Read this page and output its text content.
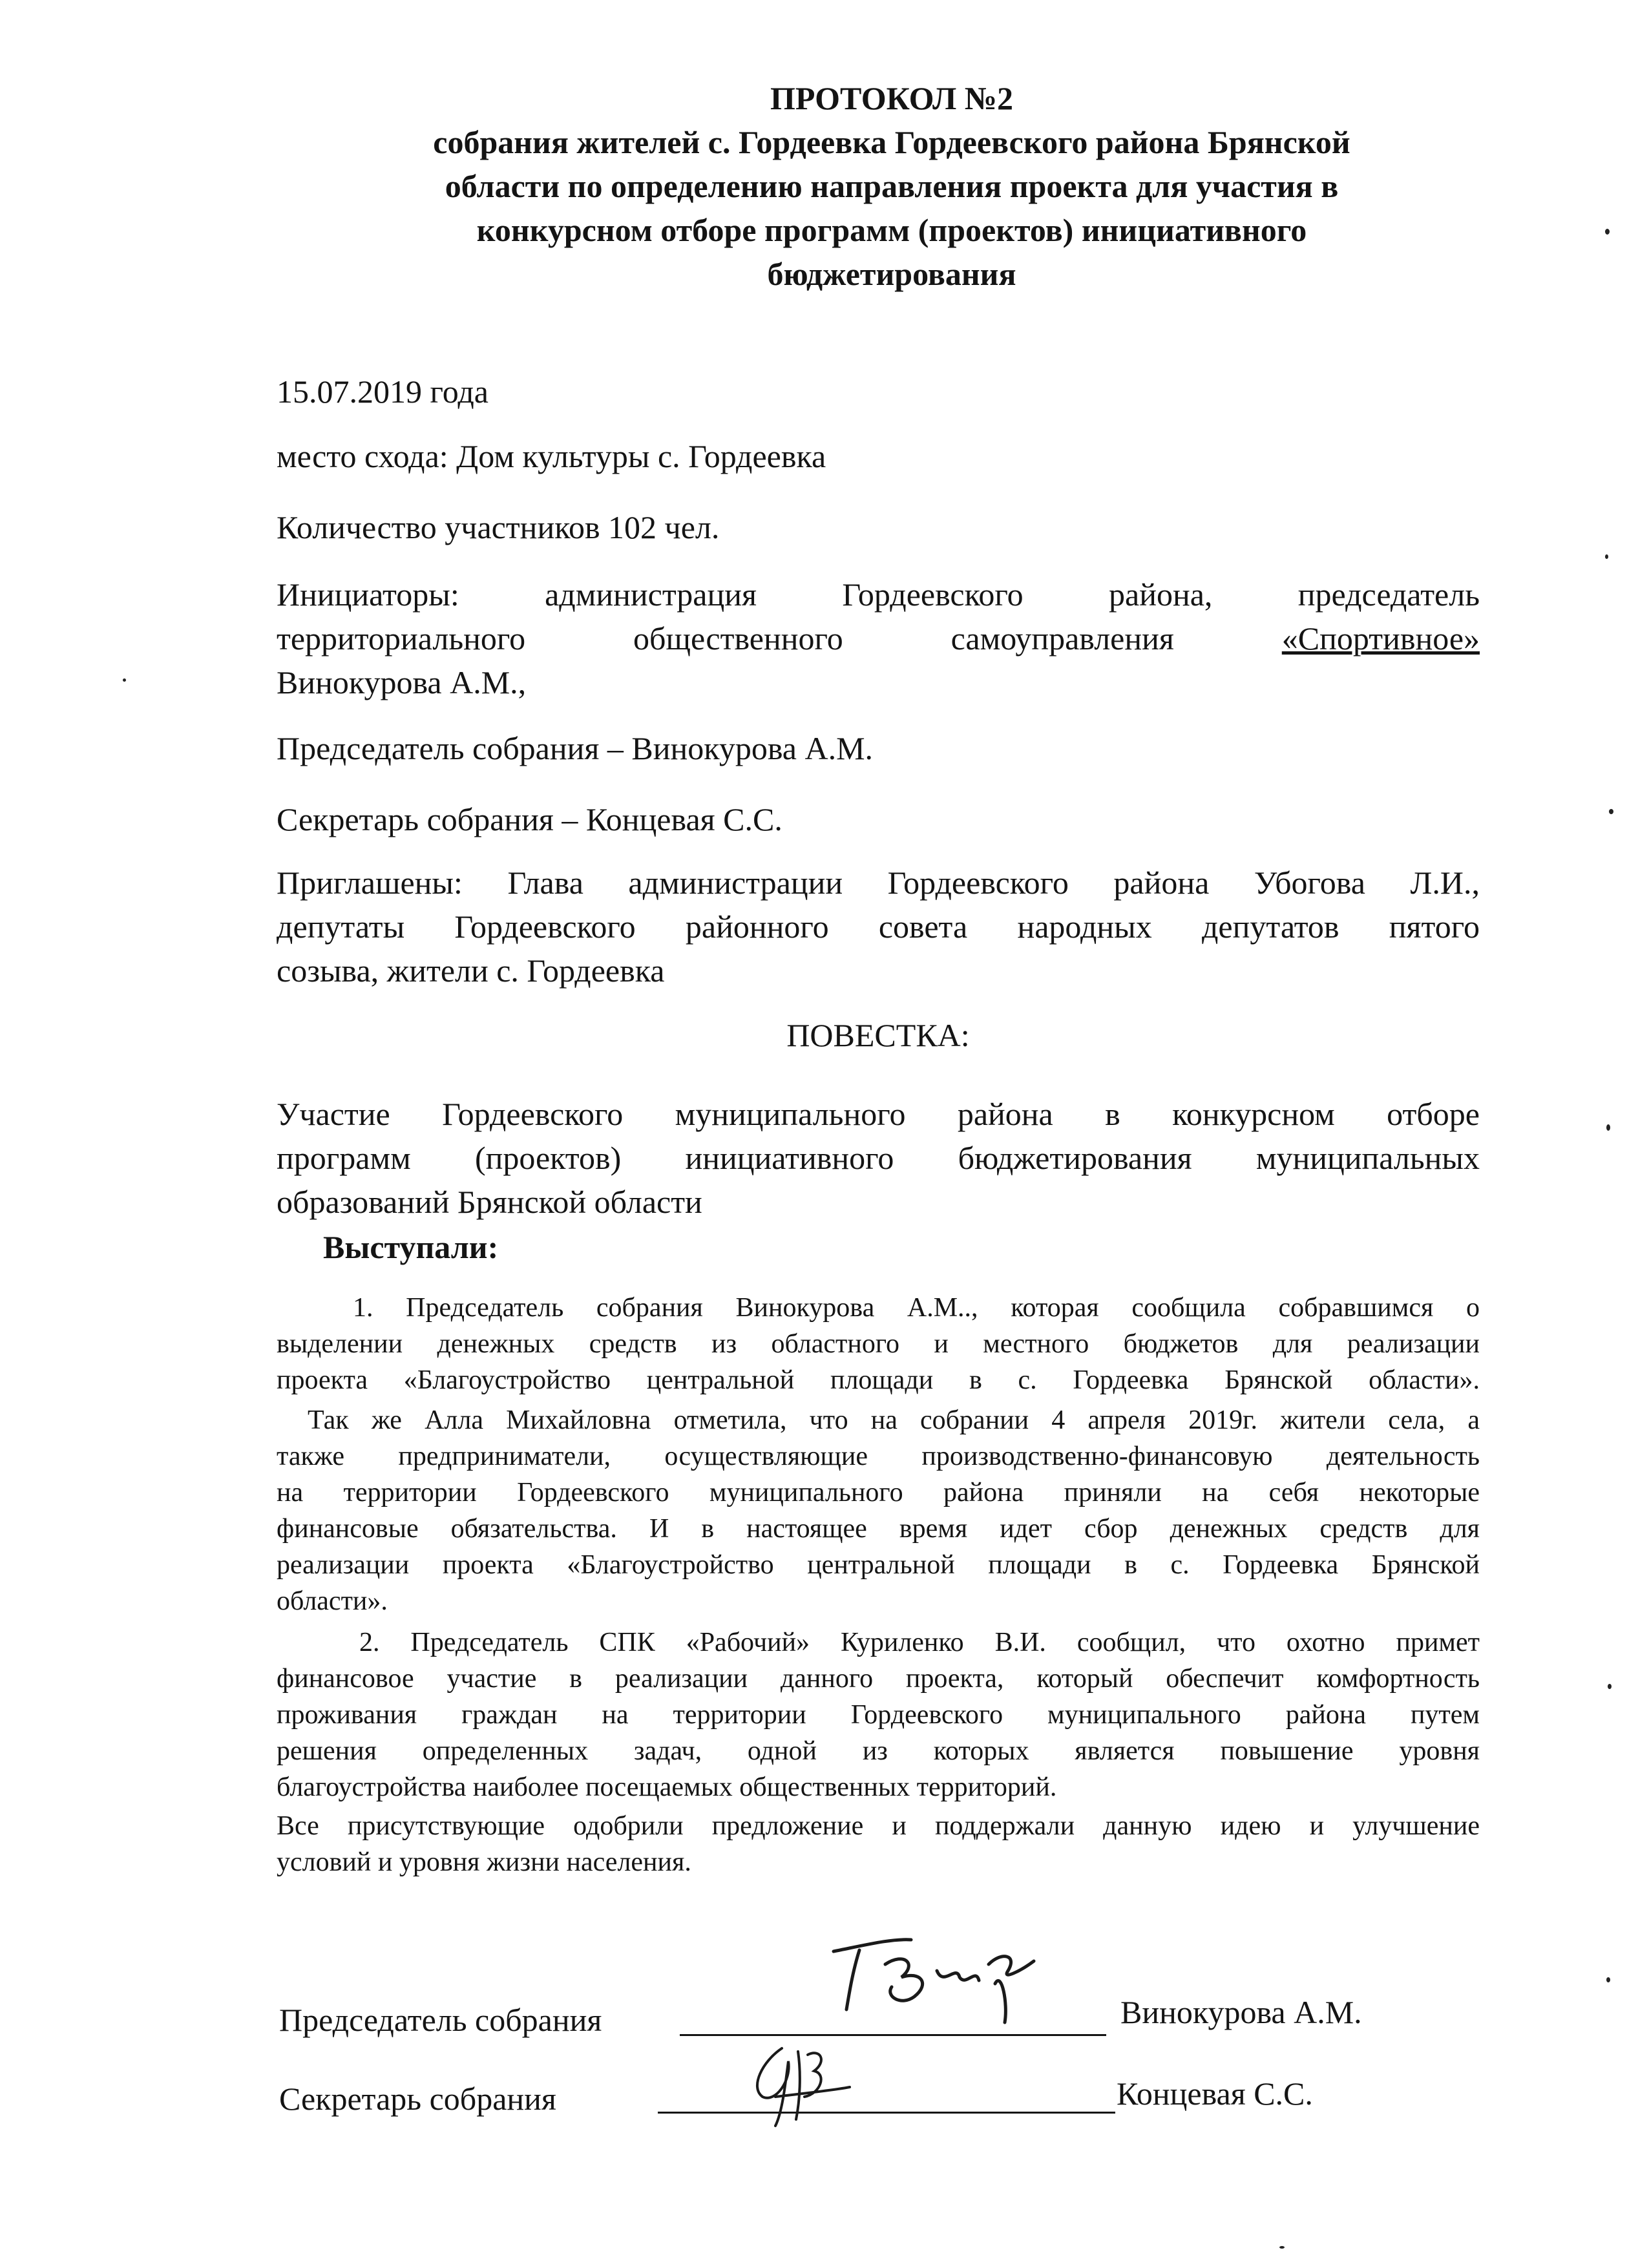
ПРОТОКОЛ №2
собрания жителей с. Гордеевка Гордеевского района Брянской
области по определению направления проекта для участия в
конкурсном отборе программ (проектов) инициативного
бюджетирования
15.07.2019 года
место схода: Дом культуры с. Гордеевка
Количество участников 102 чел.
Инициаторы: администрация Гордеевского района, председатель
территориального общественного самоуправления	«Спортивное»
Винокурова А.М.,
Председатель собрания – Винокурова А.М.
Секретарь собрания – Концевая С.С.
Приглашены: Глава администрации Гордеевского района Убогова Л.И.,
депутаты Гордеевского районного совета народных депутатов пятого
созыва, жители с. Гордеевка
ПОВЕСТКА:
Участие Гордеевского муниципального района в конкурсном отборе
программ (проектов) инициативного бюджетирования муниципальных
образований Брянской области
Выступали:
1. Председатель собрания Винокурова А.М.., которая сообщила собравшимся о
выделении денежных средств из областного и местного бюджетов для реализации
проекта «Благоустройство центральной площади в с. Гордеевка Брянской области».
Так же Алла Михайловна отметила, что на собрании 4 апреля 2019г. жители села, а
также предприниматели, осуществляющие производственно-финансовую деятельность
на территории Гордеевского муниципального района приняли на себя некоторые
финансовые обязательства. И в настоящее время идет сбор денежных средств для
реализации проекта «Благоустройство центральной площади в с. Гордеевка Брянской
области».
2. Председатель СПК «Рабочий» Куриленко В.И. сообщил, что охотно примет
финансовое участие в реализации данного проекта, который обеспечит комфортность
проживания граждан на территории Гордеевского муниципального района путем
решения определенных задач, одной из которых является повышение уровня
благоустройства наиболее посещаемых общественных территорий.
Все присутствующие одобрили предложение и поддержали данную идею и улучшение
условий и уровня жизни населения.
Председатель собрания	Винокурова А.М.
Секретарь собрания	Концевая С.С.
